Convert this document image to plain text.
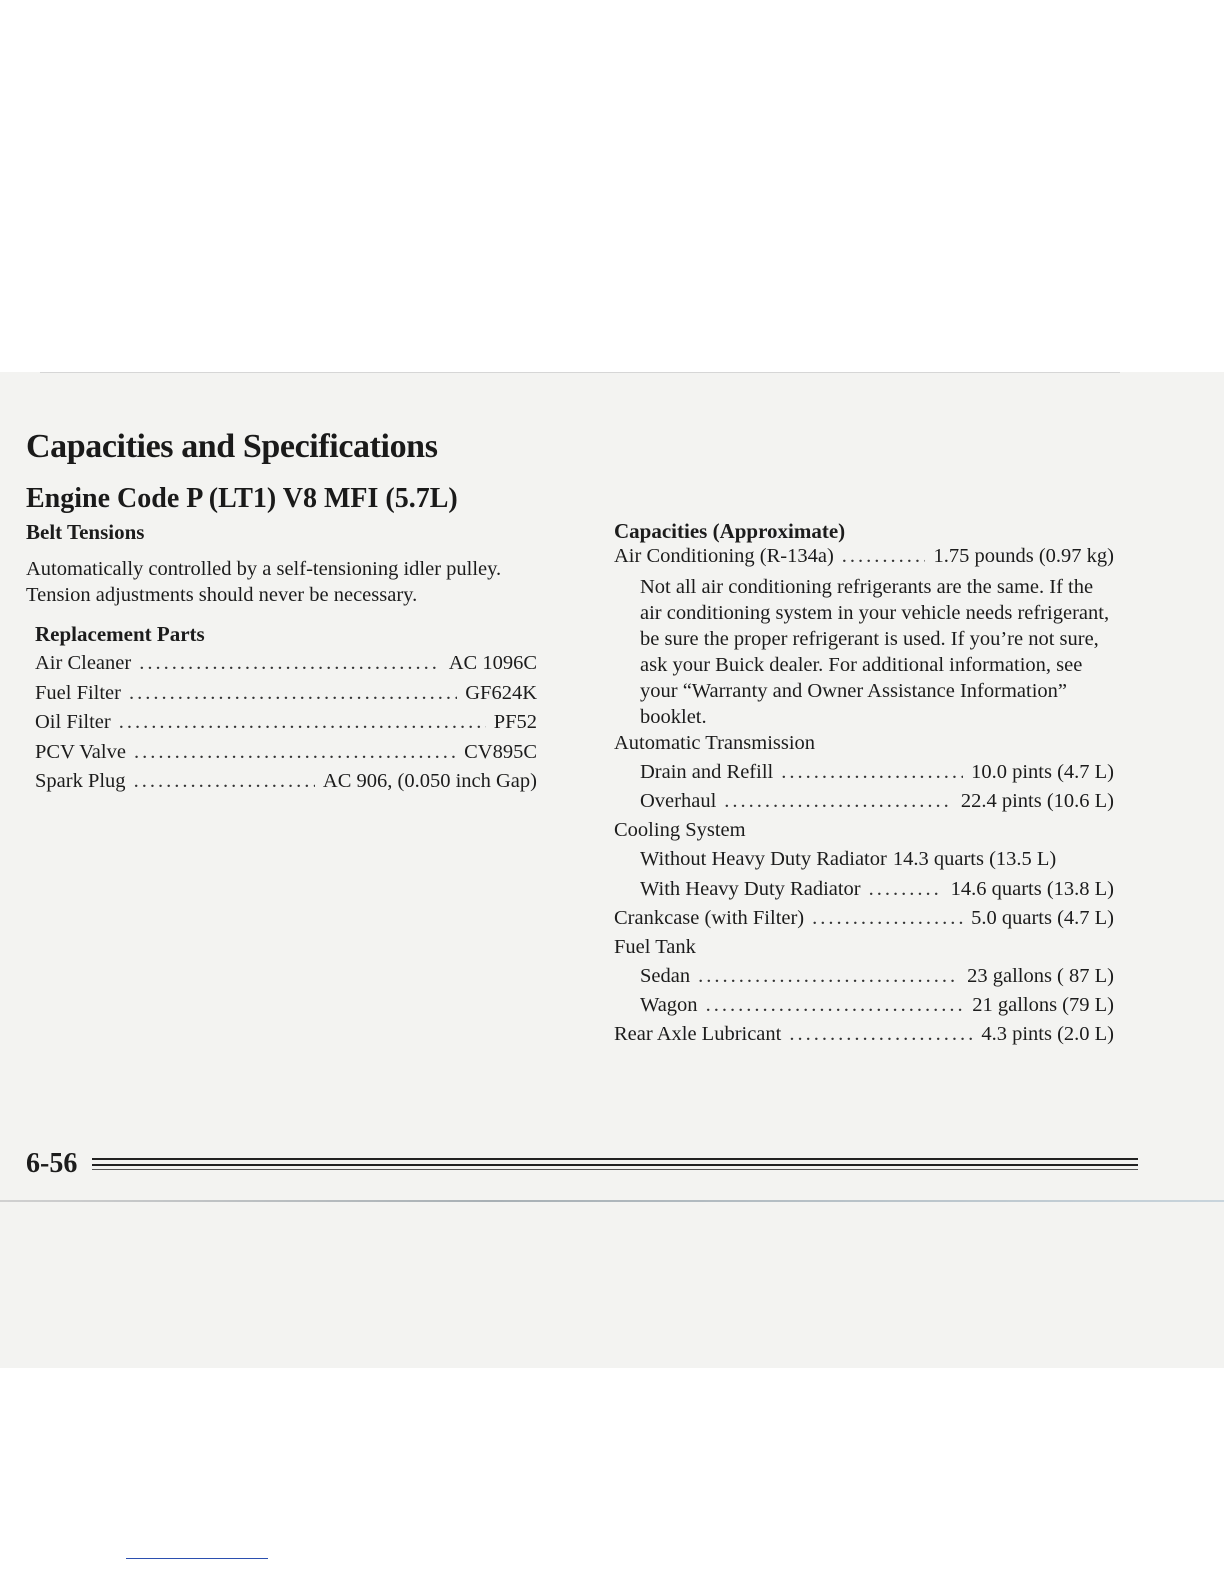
Capacities and Specifications
Engine Code P (LT1) V8 MFI (5.7L)
Belt Tensions

Automatically controlled by a self-tensioning idler pulley. Tension adjustments should never be necessary.

Replacement Parts
Air Cleaner .....	AC 1096C
Fuel Filter .....	GF624K
Oil Filter .....	PF52
PCV Valve .....	CV895C
Spark Plug .....	AC 906, (0.050 inch Gap)
Capacities (Approximate)
Air Conditioning (R-134a) .....	1.75 pounds (0.97 kg)

Not all air conditioning refrigerants are the same. If the air conditioning system in your vehicle needs refrigerant, be sure the proper refrigerant is used. If you’re not sure, ask your Buick dealer. For additional information, see your “Warranty and Owner Assistance Information” booklet.

Automatic Transmission
Drain and Refill .....	10.0 pints (4.7 L)
Overhaul .....	22.4 pints (10.6 L)
Cooling System
Without Heavy Duty Radiator 14.3 quarts (13.5 L)
With Heavy Duty Radiator .....	14.6 quarts (13.8 L)
Crankcase (with Filter) .....	5.0 quarts (4.7 L)
Fuel Tank
Sedan .....	23 gallons ( 87 L)
Wagon .....	21 gallons (79 L)
Rear Axle Lubricant .....	4.3 pints (2.0 L)
6-56
